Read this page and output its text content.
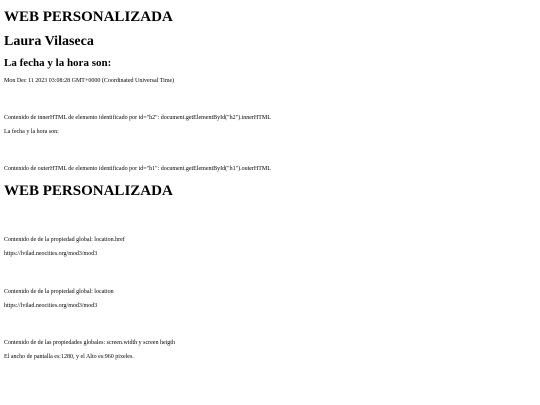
WEB PERSONALIZADA
Laura Vilaseca
La fecha y la hora son:

Mon Dec 11 2023 03:08:28 GMT+0000 (Coordinated Universal Time)

Contenido de innerHTML de elemento identificado por id="h2": document.getElementById("h2").innerHTML

La fecha y la hora son:

Contenido de outerHTML de elemento identificado por id="h1": document.getElementById("h1").outerHTML

WEB PERSONALIZADA

Contenido de de la propiedad global: location.href

https://lvilad.neocities.org/mod3/mod3

Contenido de de la propiedad global: location

https://lvilad.neocities.org/mod3/mod3

Contenido de de las propiedades globales: screen.width y screen heigth

El ancho de pantalla es:1280, y el Alto es:960 pixeles.
